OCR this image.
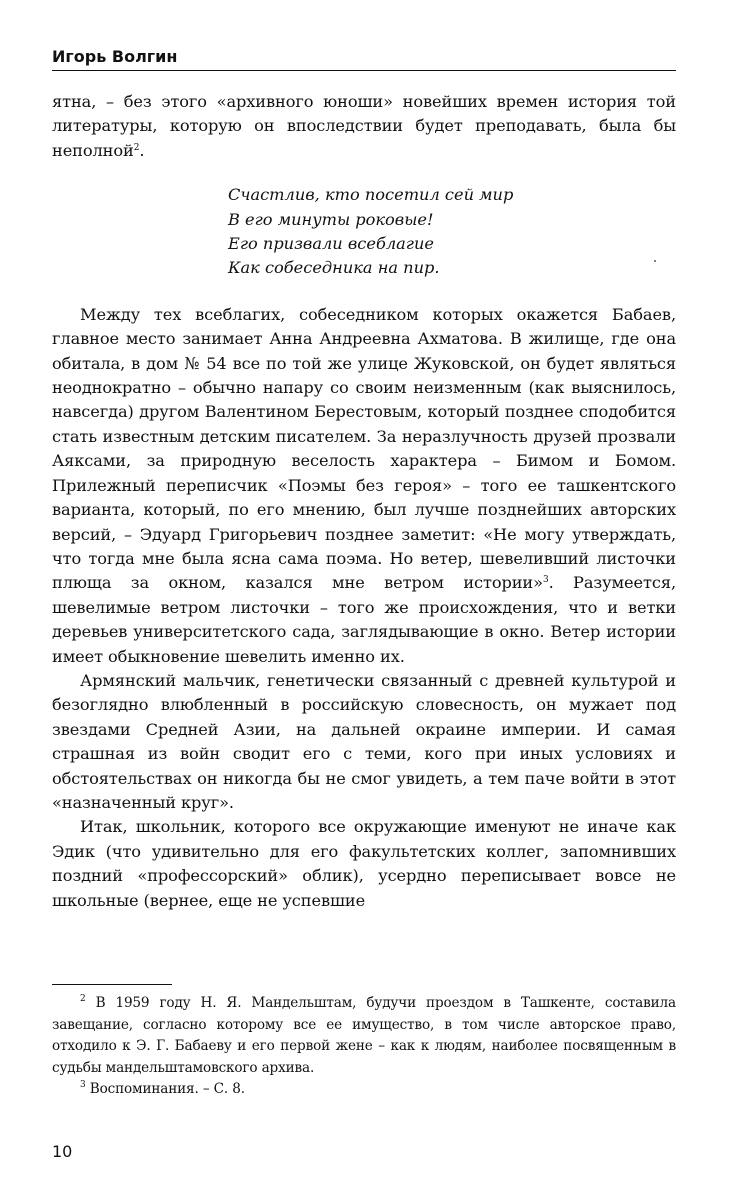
Игорь Волгин

ятна, – без этого «архивного юноши» новейших времен история той литературы, которую он впоследствии будет преподавать, была бы неполной$^2$.

Счастлив, кто посетил сей мир
В его минуты роковые!
Его призвали всеблагие
Как собеседника на пир.

Между тех всеблагих, собеседником которых окажется Бабаев, главное место занимает Анна Андреевна Ахматова. В жилище, где она обитала, в дом № 54 все по той же улице Жуковской, он будет являться неоднократно – обычно напару со своим неизменным (как выяснилось, навсегда) другом Валентином Берестовым, который позднее сподобится стать известным детским писателем. За неразлучность друзей прозвали Аяксами, за природную веселость характера – Бимом и Бомом. Прилежный переписчик «Поэмы без героя» – того ее ташкентского варианта, который, по его мнению, был лучше позднейших авторских версий, – Эдуард Григорьевич позднее заметит: «Не могу утверждать, что тогда мне была ясна сама поэма. Но ветер, шевеливший листочки плюща за окном, казался мне ветром истории»$^3$. Разумеется, шевелимые ветром листочки – того же происхождения, что и ветки деревьев университетского сада, заглядывающие в окно. Ветер истории имеет обыкновение шевелить именно их.

Армянский мальчик, генетически связанный с древней культурой и безоглядно влюбленный в российскую словесность, он мужает под звездами Средней Азии, на дальней окраине империи. И самая страшная из войн сводит его с теми, кого при иных условиях и обстоятельствах он никогда бы не смог увидеть, а тем паче войти в этот «назначенный круг».

Итак, школьник, которого все окружающие именуют не иначе как Эдик (что удивительно для его факультетских коллег, запомнивших поздний «профессорский» облик), усердно переписывает вовсе не школьные (вернее, еще не успевшие

$^2$ В 1959 году Н. Я. Мандельштам, будучи проездом в Ташкенте, составила завещание, согласно которому все ее имущество, в том числе авторское право, отходило к Э. Г. Бабаеву и его первой жене – как к людям, наиболее посвященным в судьбы мандельштамовского архива.

$^3$ Воспоминания. – С. 8.

10
